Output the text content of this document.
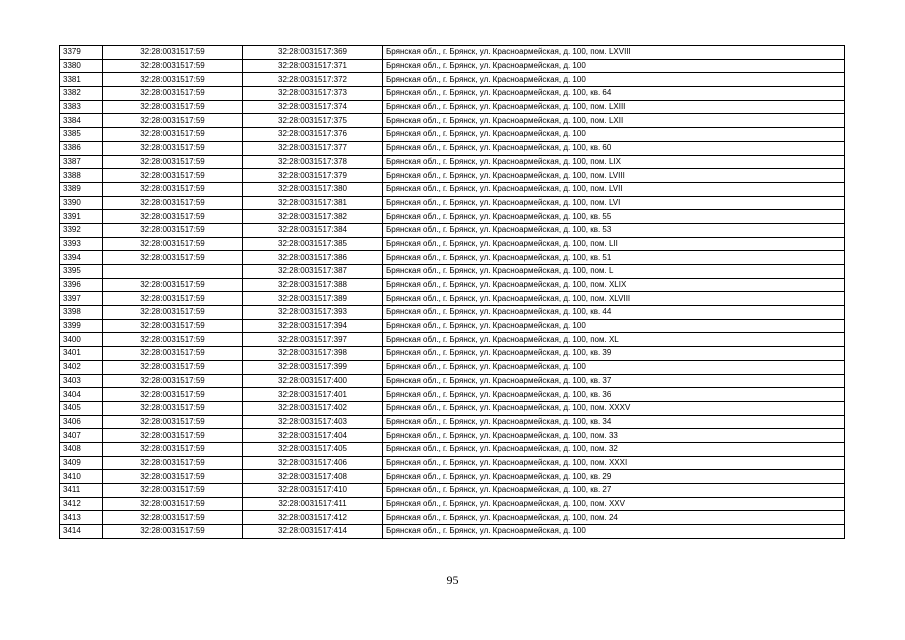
3379	32:28:0031517:59	32:28:0031517:369	Брянская обл., г. Брянск, ул. Красноармейская, д. 100, пом. LXVIII
3380	32:28:0031517:59	32:28:0031517:371	Брянская обл., г. Брянск, ул. Красноармейская, д. 100
3381	32:28:0031517:59	32:28:0031517:372	Брянская обл., г. Брянск, ул. Красноармейская, д. 100
3382	32:28:0031517:59	32:28:0031517:373	Брянская обл., г. Брянск, ул. Красноармейская, д. 100, кв. 64
3383	32:28:0031517:59	32:28:0031517:374	Брянская обл., г. Брянск, ул. Красноармейская, д. 100, пом. LXIII
3384	32:28:0031517:59	32:28:0031517:375	Брянская обл., г. Брянск, ул. Красноармейская, д. 100, пом. LXII
3385	32:28:0031517:59	32:28:0031517:376	Брянская обл., г. Брянск, ул. Красноармейская, д. 100
3386	32:28:0031517:59	32:28:0031517:377	Брянская обл., г. Брянск, ул. Красноармейская, д. 100, кв. 60
3387	32:28:0031517:59	32:28:0031517:378	Брянская обл., г. Брянск, ул. Красноармейская, д. 100, пом. LIX
3388	32:28:0031517:59	32:28:0031517:379	Брянская обл., г. Брянск, ул. Красноармейская, д. 100, пом. LVIII
3389	32:28:0031517:59	32:28:0031517:380	Брянская обл., г. Брянск, ул. Красноармейская, д. 100, пом. LVII
3390	32:28:0031517:59	32:28:0031517:381	Брянская обл., г. Брянск, ул. Красноармейская, д. 100, пом. LVI
3391	32:28:0031517:59	32:28:0031517:382	Брянская обл., г. Брянск, ул. Красноармейская, д. 100, кв. 55
3392	32:28:0031517:59	32:28:0031517:384	Брянская обл., г. Брянск, ул. Красноармейская, д. 100, кв. 53
3393	32:28:0031517:59	32:28:0031517:385	Брянская обл., г. Брянск, ул. Красноармейская, д. 100, пом. LII
3394	32:28:0031517:59	32:28:0031517:386	Брянская обл., г. Брянск, ул. Красноармейская, д. 100, кв. 51
3395		32:28:0031517:387	Брянская обл., г. Брянск, ул. Красноармейская, д. 100, пом. L
3396	32:28:0031517:59	32:28:0031517:388	Брянская обл., г. Брянск, ул. Красноармейская, д. 100, пом. XLIX
3397	32:28:0031517:59	32:28:0031517:389	Брянская обл., г. Брянск, ул. Красноармейская, д. 100, пом. XLVIII
3398	32:28:0031517:59	32:28:0031517:393	Брянская обл., г. Брянск, ул. Красноармейская, д. 100, кв. 44
3399	32:28:0031517:59	32:28:0031517:394	Брянская обл., г. Брянск, ул. Красноармейская, д. 100
3400	32:28:0031517:59	32:28:0031517:397	Брянская обл., г. Брянск, ул. Красноармейская, д. 100, пом. XL
3401	32:28:0031517:59	32:28:0031517:398	Брянская обл., г. Брянск, ул. Красноармейская, д. 100, кв. 39
3402	32:28:0031517:59	32:28:0031517:399	Брянская обл., г. Брянск, ул. Красноармейская, д. 100
3403	32:28:0031517:59	32:28:0031517:400	Брянская обл., г. Брянск, ул. Красноармейская, д. 100, кв. 37
3404	32:28:0031517:59	32:28:0031517:401	Брянская обл., г. Брянск, ул. Красноармейская, д. 100, кв. 36
3405	32:28:0031517:59	32:28:0031517:402	Брянская обл., г. Брянск, ул. Красноармейская, д. 100, пом. XXXV
3406	32:28:0031517:59	32:28:0031517:403	Брянская обл., г. Брянск, ул. Красноармейская, д. 100, кв. 34
3407	32:28:0031517:59	32:28:0031517:404	Брянская обл., г. Брянск, ул. Красноармейская, д. 100, пом. 33
3408	32:28:0031517:59	32:28:0031517:405	Брянская обл., г. Брянск, ул. Красноармейская, д. 100, пом. 32
3409	32:28:0031517:59	32:28:0031517:406	Брянская обл., г. Брянск, ул. Красноармейская, д. 100, пом. XXXI
3410	32:28:0031517:59	32:28:0031517:408	Брянская обл., г. Брянск, ул. Красноармейская, д. 100, кв. 29
3411	32:28:0031517:59	32:28:0031517:410	Брянская обл., г. Брянск, ул. Красноармейская, д. 100, кв. 27
3412	32:28:0031517:59	32:28:0031517:411	Брянская обл., г. Брянск, ул. Красноармейская, д. 100, пом. XXV
3413	32:28:0031517:59	32:28:0031517:412	Брянская обл., г. Брянск, ул. Красноармейская, д. 100, пом. 24
3414	32:28:0031517:59	32:28:0031517:414	Брянская обл., г. Брянск, ул. Красноармейская, д. 100
95
